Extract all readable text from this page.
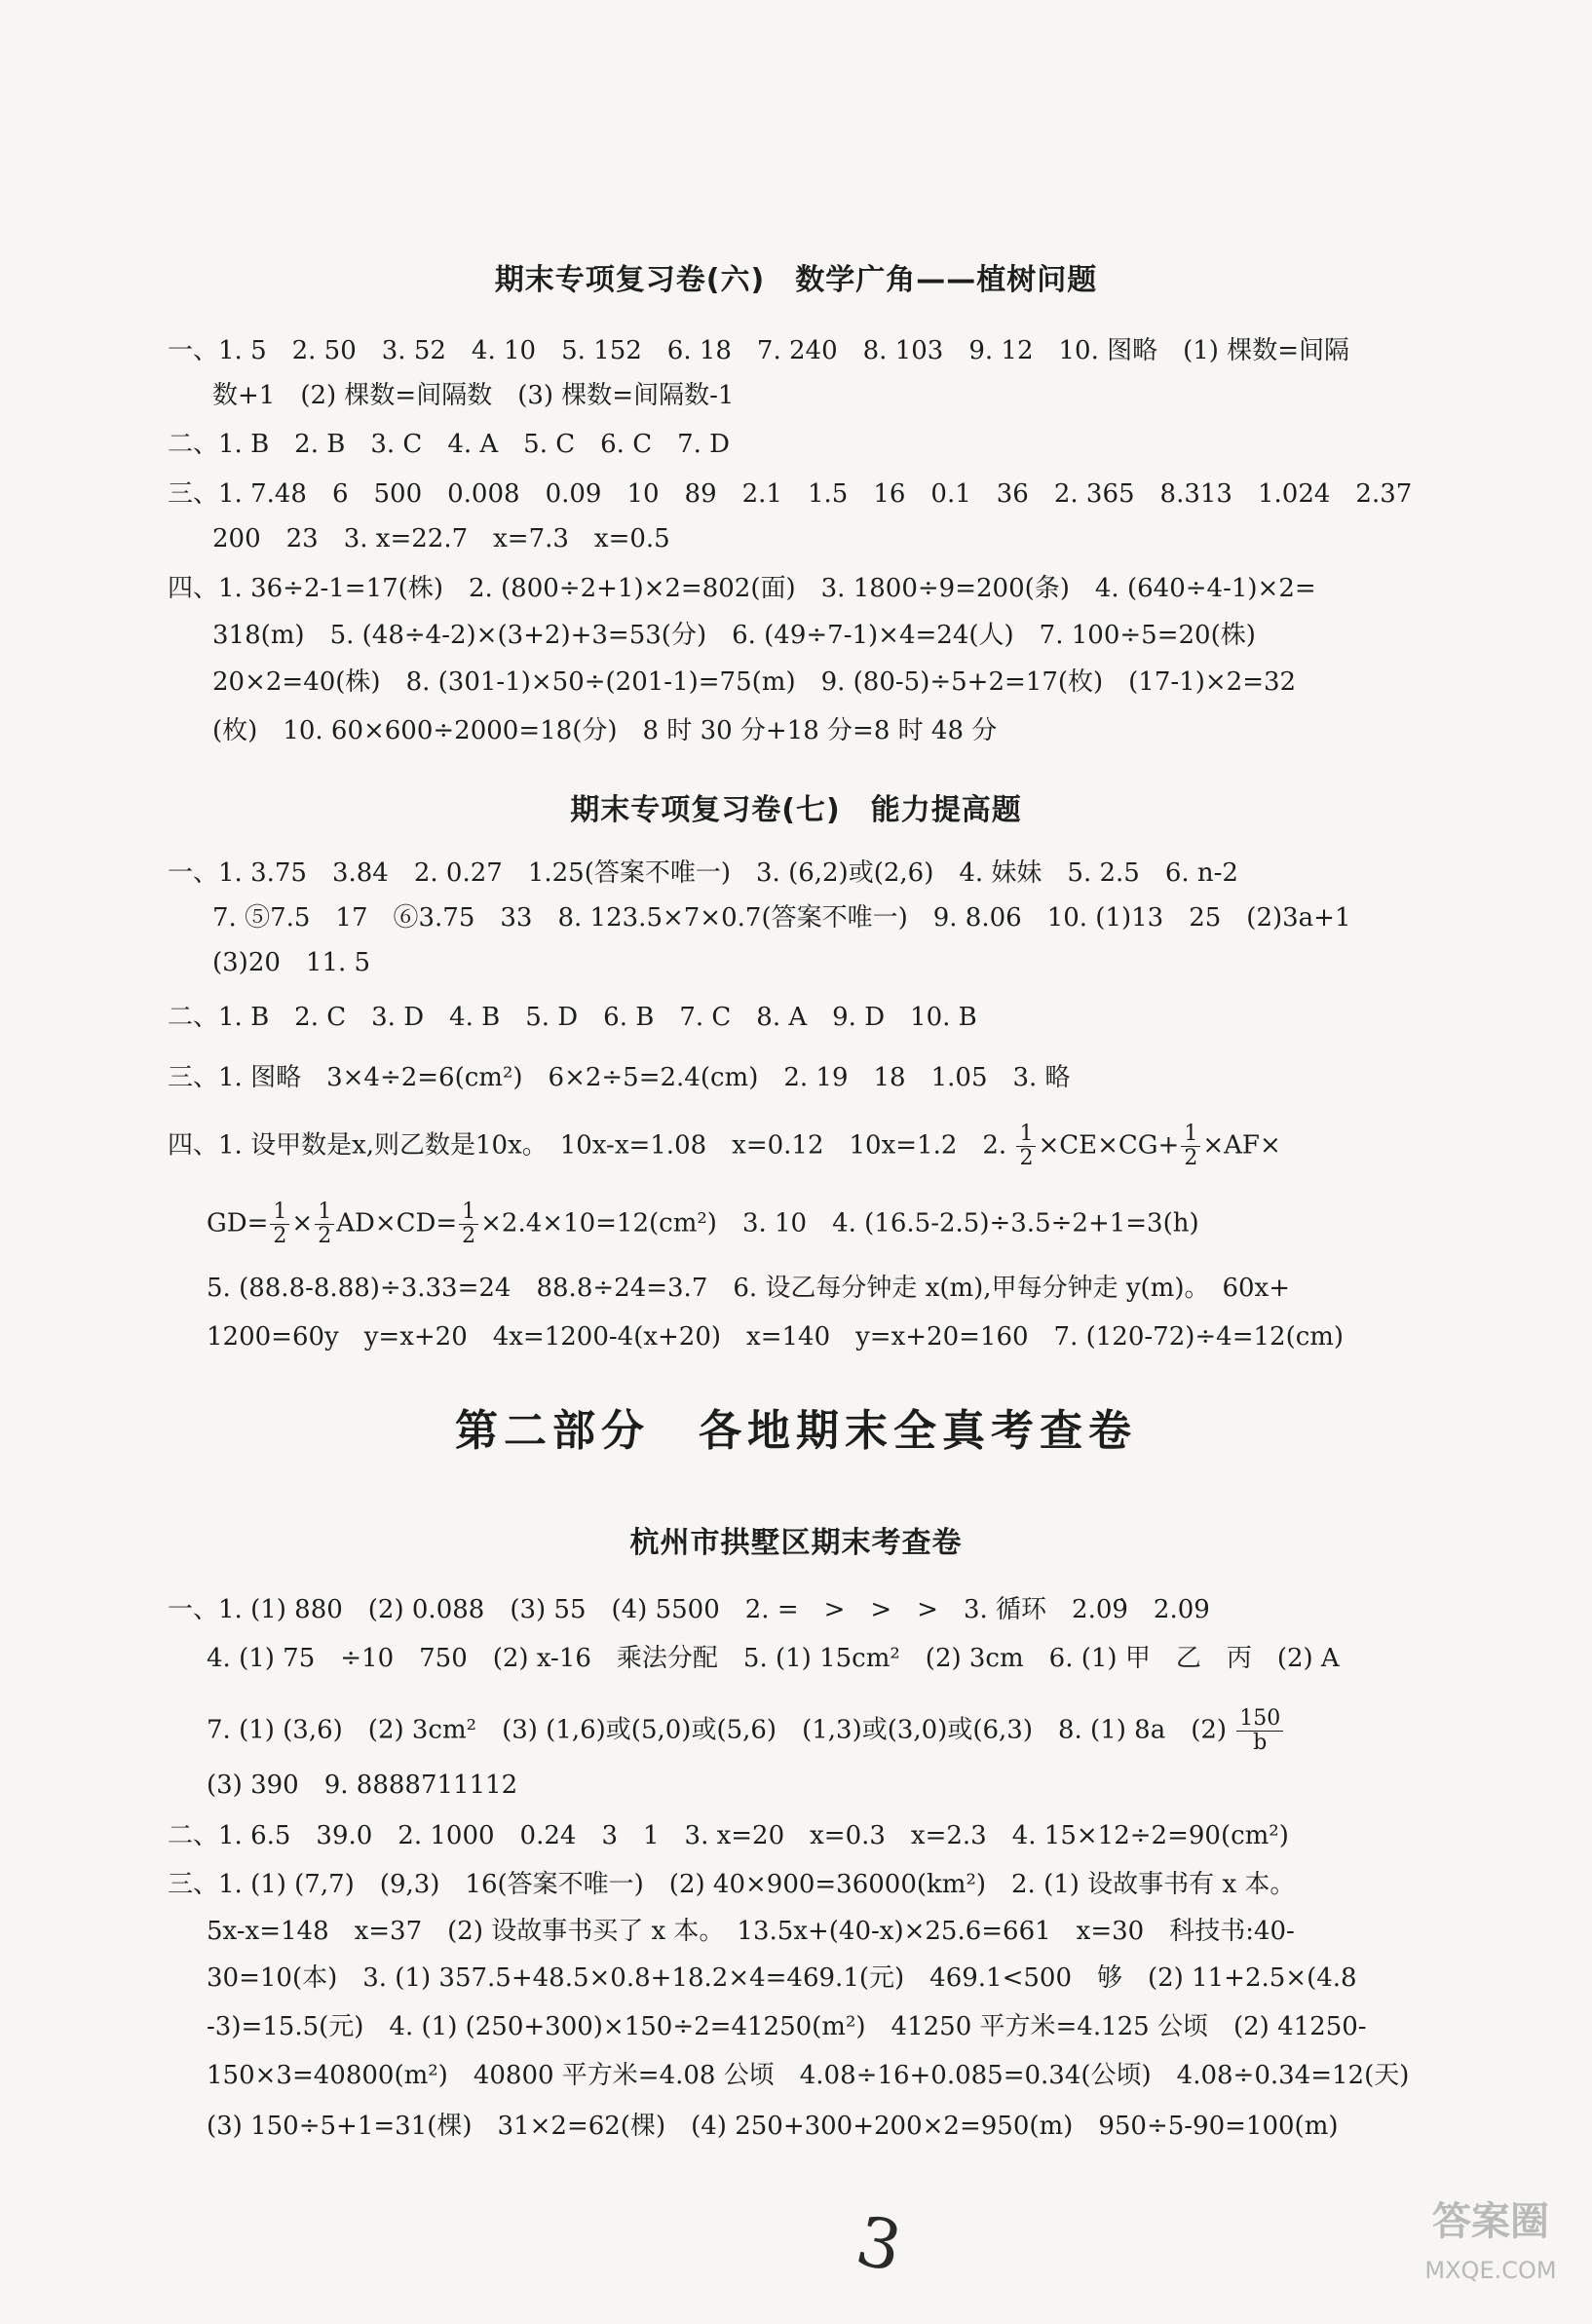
期末专项复习卷(六)　数学广角——植树问题
一、1. 5　2. 50　3. 52　4. 10　5. 152　6. 18　7. 240　8. 103　9. 12　10. 图略　(1) 棵数=间隔
数+1　(2) 棵数=间隔数　(3) 棵数=间隔数-1
二、1. B　2. B　3. C　4. A　5. C　6. C　7. D
三、1. 7.48　6　500　0.008　0.09　10　89　2.1　1.5　16　0.1　36　2. 365　8.313　1.024　2.37
200　23　3. x=22.7　x=7.3　x=0.5
四、1. 36÷2-1=17(株)　2. (800÷2+1)×2=802(面)　3. 1800÷9=200(条)　4. (640÷4-1)×2=
318(m)　5. (48÷4-2)×(3+2)+3=53(分)　6. (49÷7-1)×4=24(人)　7. 100÷5=20(株)
20×2=40(株)　8. (301-1)×50÷(201-1)=75(m)　9. (80-5)÷5+2=17(枚)　(17-1)×2=32
(枚)　10. 60×600÷2000=18(分)　8 时 30 分+18 分=8 时 48 分
期末专项复习卷(七)　能力提高题
一、1. 3.75　3.84　2. 0.27　1.25(答案不唯一)　3. (6,2)或(2,6)　4. 妹妹　5. 2.5　6. n-2
7. ⑤7.5　17　⑥3.75　33　8. 123.5×7×0.7(答案不唯一)　9. 8.06　10. (1)13　25　(2)3a+1
(3)20　11. 5
二、1. B　2. C　3. D　4. B　5. D　6. B　7. C　8. A　9. D　10. B
三、1. 图略　3×4÷2=6(cm²)　6×2÷5=2.4(cm)　2. 19　18　1.05　3. 略
四、1. 设甲数是x,则乙数是10x。　10x-x=1.08　x=0.12　10x=1.2　2. $\frac{1}{2} \times CE\times CG+ \frac{1}{2} \times AF\times$
$GD= \frac{1}{2} \times \frac{1}{2} AD\times CD= \frac{1}{2} \times 2.4\times 10=12(cm^2)$　3. 10　4. (16.5-2.5)÷3.5÷2+1=3(h)
5. (88.8-8.88)÷3.33=24　88.8÷24=3.7　6. 设乙每分钟走 x(m),甲每分钟走 y(m)。　60x+
1200=60y　y=x+20　4x=1200-4(x+20)　x=140　y=x+20=160　7. (120-72)÷4=12(cm)
第二部分　各地期末全真考查卷
杭州市拱墅区期末考查卷
一、1. (1) 880　(2) 0.088　(3) 55　(4) 5500　2. =　>　>　>　3. 循环　2.09̇　2.09
4. (1) 75　÷10　750　(2) x-16　乘法分配　5. (1) 15cm²　(2) 3cm　6. (1) 甲　乙　丙　(2) A
7. (1) (3,6)　(2) 3cm²　(3) (1,6)或(5,0)或(5,6)　(1,3)或(3,0)或(6,3)　8. (1) 8a　$(2) \frac{150}{b}$
(3) 390　9. 8888711112
二、1. 6.5　39.0　2. 1000　0.24　3　1　3. x=20　x=0.3　x=2.3　4. 15×12÷2=90(cm²)
三、1. (1) (7,7)　(9,3)　16(答案不唯一)　(2) 40×900=36000(km²)　2. (1) 设故事书有 x 本。
5x-x=148　x=37　(2) 设故事书买了 x 本。　13.5x+(40-x)×25.6=661　x=30　科技书:40-
30=10(本)　3. (1) 357.5+48.5×0.8+18.2×4=469.1(元)　469.1<500　够　(2) 11+2.5×(4.8
-3)=15.5(元)　4. (1) (250+300)×150÷2=41250(m²)　41250 平方米=4.125 公顷　(2) 41250-
150×3=40800(m²)　40800 平方米=4.08 公顷　4.08÷16+0.085=0.34(公顷)　4.08÷0.34=12(天)
(3) 150÷5+1=31(棵)　31×2=62(棵)　(4) 250+300+200×2=950(m)　950÷5-90=100(m)
3	答案圈
MXQE.COM
